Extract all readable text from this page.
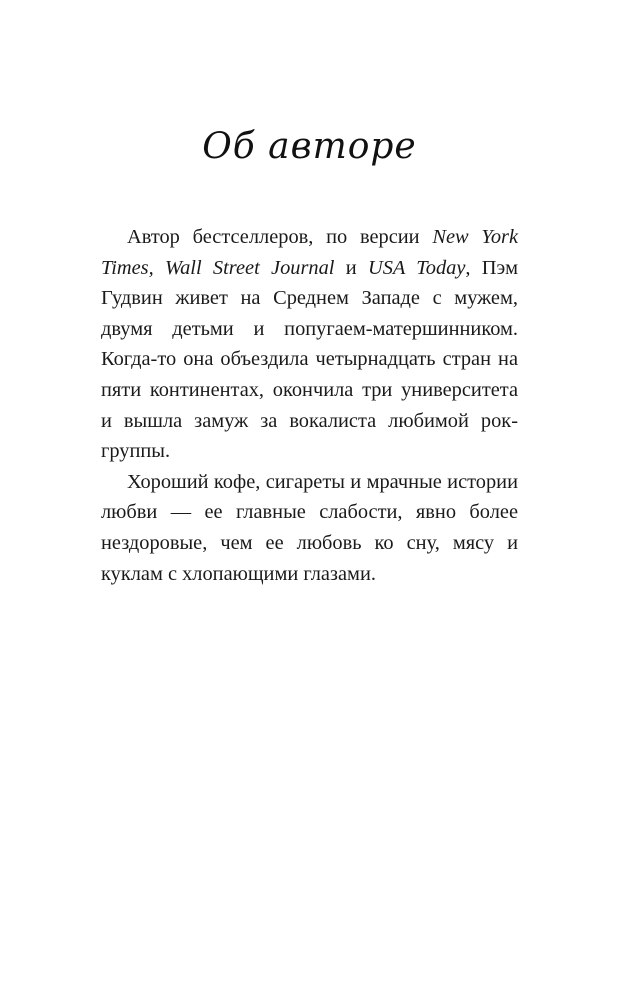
Об авторе

Автор бестселлеров, по версии New York Times, Wall Street Journal и USA Today, Пэм Гудвин живет на Среднем Западе с мужем, двумя детьми и попугаем-матершинником. Когда-то она объездила четырнадцать стран на пяти континентах, окончила три университета и вышла замуж за вокалиста любимой рок-группы.

Хороший кофе, сигареты и мрачные истории любви — ее главные слабости, явно более нездоровые, чем ее любовь ко сну, мясу и куклам с хлопающими глазами.
